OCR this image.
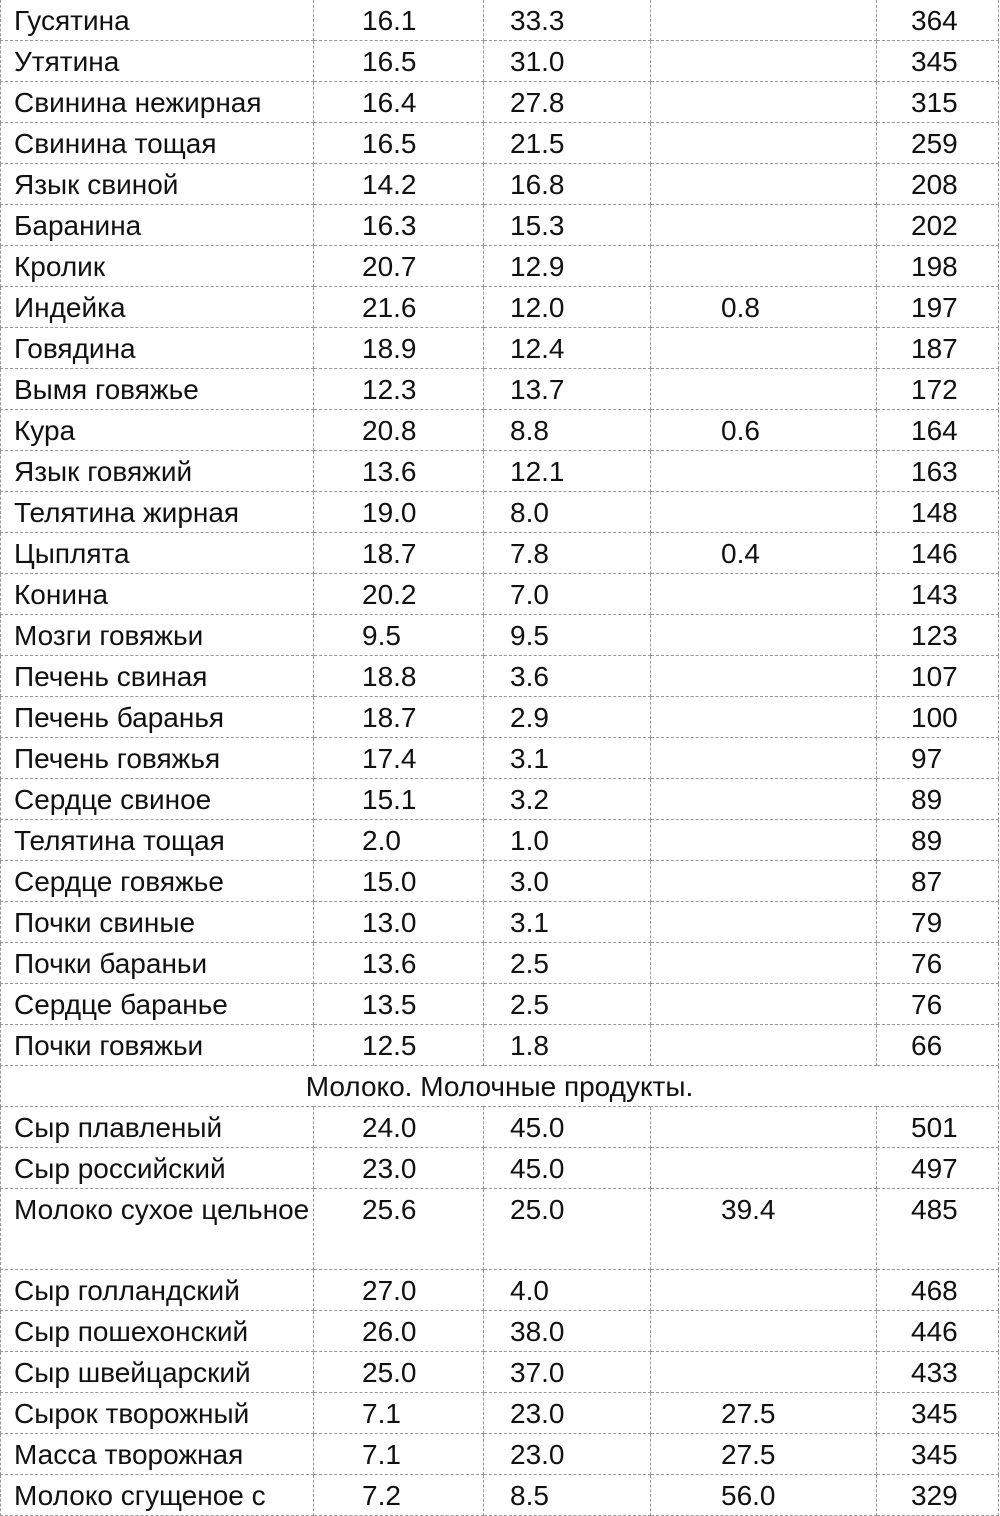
Гусятина	16.1	33.3		364
Утятина	16.5	31.0		345
Свинина нежирная	16.4	27.8		315
Свинина тощая	16.5	21.5		259
Язык свиной	14.2	16.8		208
Баранина	16.3	15.3		202
Кролик	20.7	12.9		198
Индейка	21.6	12.0	0.8	197
Говядина	18.9	12.4		187
Вымя говяжье	12.3	13.7		172
Кура	20.8	8.8	0.6	164
Язык говяжий	13.6	12.1		163
Телятина жирная	19.0	8.0		148
Цыплята	18.7	7.8	0.4	146
Конина	20.2	7.0		143
Мозги говяжьи	9.5	9.5		123
Печень свиная	18.8	3.6		107
Печень баранья	18.7	2.9		100
Печень говяжья	17.4	3.1		97
Сердце свиное	15.1	3.2		89
Телятина тощая	2.0	1.0		89
Сердце говяжье	15.0	3.0		87
Почки свиные	13.0	3.1		79
Почки бараньи	13.6	2.5		76
Сердце баранье	13.5	2.5		76
Почки говяжьи	12.5	1.8		66
Молоко. Молочные продукты.				
Сыр плавленый	24.0	45.0		501
Сыр российский	23.0	45.0		497
Молоко сухое цельное	25.6	25.0	39.4	485
Сыр голландский	27.0	4.0		468
Сыр пошехонский	26.0	38.0		446
Сыр швейцарский	25.0	37.0		433
Сырок творожный	7.1	23.0	27.5	345
Масса творожная	7.1	23.0	27.5	345
Молоко сгущеное с	7.2	8.5	56.0	329
